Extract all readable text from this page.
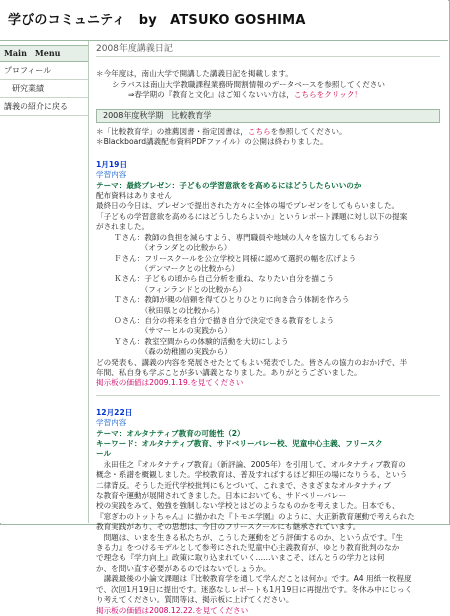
学びのコミュニティ　by　ATSUKO GOSHIMA
Main　Menu
プロフィール
研究業績
講義の紹介に戻る
2008年度講義日記
＊今年度は，南山大学で開講した講義日記を掲載します。
シラバスは南山大学教職課程業務時間割情報のデータベースを参照してください
⇒春学期の『教育と文化』はご知くないい方は，こちらをクリック！
2008年度秋学期　比較教育学
＊「比較教育学」の推薦図書・指定図書は，こちらを参照してください。
＊Blackboard講義配布資料PDFファイル）の公開は終わりました。
1月19日
学習内容
テーマ：最終プレゼン：子どもの学習意欲をを高めるにはどうしたらいいのか
配布資料はありません
最終日の今日は、プレゼンで提出された方々に全体の場でプレゼンをしてもらいました。
「子どもの学習意欲を高めるにはどうしたらよいか」というレポート課題に対し以下の提案
がされました。
Ｔさん：教師の負担を減らすよう、専門職員や地域の人々を協力してもらおう
　　　　（オランダとの比較から）
Ｆさん：フリースクールを公立学校と同様に認めて選択の幅を広げよう
　　　　（デンマークとの比較から）
Ｋさん：子どもの頃から自己分析を重ね、なりたい自分を描こう
　　　　（フィンランドとの比較から）
Ｔさん：教師が親の信頼を得てひとりひとりに向き合う体制を作ろう
　　　　（秋田県との比較から）
Ｏさん：自分の将来を自分で描き自分で決定できる教育をしよう
　　　　（サマーヒルの実践から）
Ｙさん：教室空間からの体験的活動を大切にしよう
　　　　（森の幼稚園の実践から）
どの発表も、講義の内容を発展させたとてもよい発表でした。皆さんの協力のおかげで、半
年間、私自身も学ぶことが多い講義となりました。ありがとうございました。
掲示板の価値は2009.1.19.を見てください
12月22日
学習内容
テーマ：オルタナティブ教育の可能性（2）
キーワード：オルタナティブ教育、サドベリーバレー校、児童中心主義、フリースク
ール
　永田佳之『オルタナティブ教育』（新評論、2005年）を引用して、オルタナティブ教育の
概念・系譜を概観しました。学校教育は、普及すればするほど抑圧の場になりうる、という
二律背反。そうした近代学校批判にもとづいて、これまで、さまざまなオルタナティブ
な教育や運動が展開されてきました。日本においても、サドベリーバレー
校の実践をみて、勉強を強制しない学校とはどのようなものかを考えました。日本でも、
『窓ぎわのトットちゃん』に描かれた『トモエ学園』のように、大正新教育運動で考えられた
教育実践があり、その思想は、今日のフリースクールにも継承されています。
　問題は、いまを生きる私たちが、こうした運動をどう評価するのか、という点です。『生
きる力』をつけるモデルとして参考にされた児童中心主義教育が、ゆとり教育批判のなか
で理念も『学力向上』政策に取り込まれていく……いまこそ、ほんとうの学力とは何
か、を問い直す必要があるのではないでしょうか。
　講義最後の小論文課題は『比較教育学を通して学んだことは何か』です。A4 用紙一枚程度
で、次回1月19日に提出です。迷惑なしレポートも1月19日に再提出です。冬休み中にじっく
り考えてください。質問等は、掲示板に上げてください。
掲示板の価値は2008.12.22.を見てください
